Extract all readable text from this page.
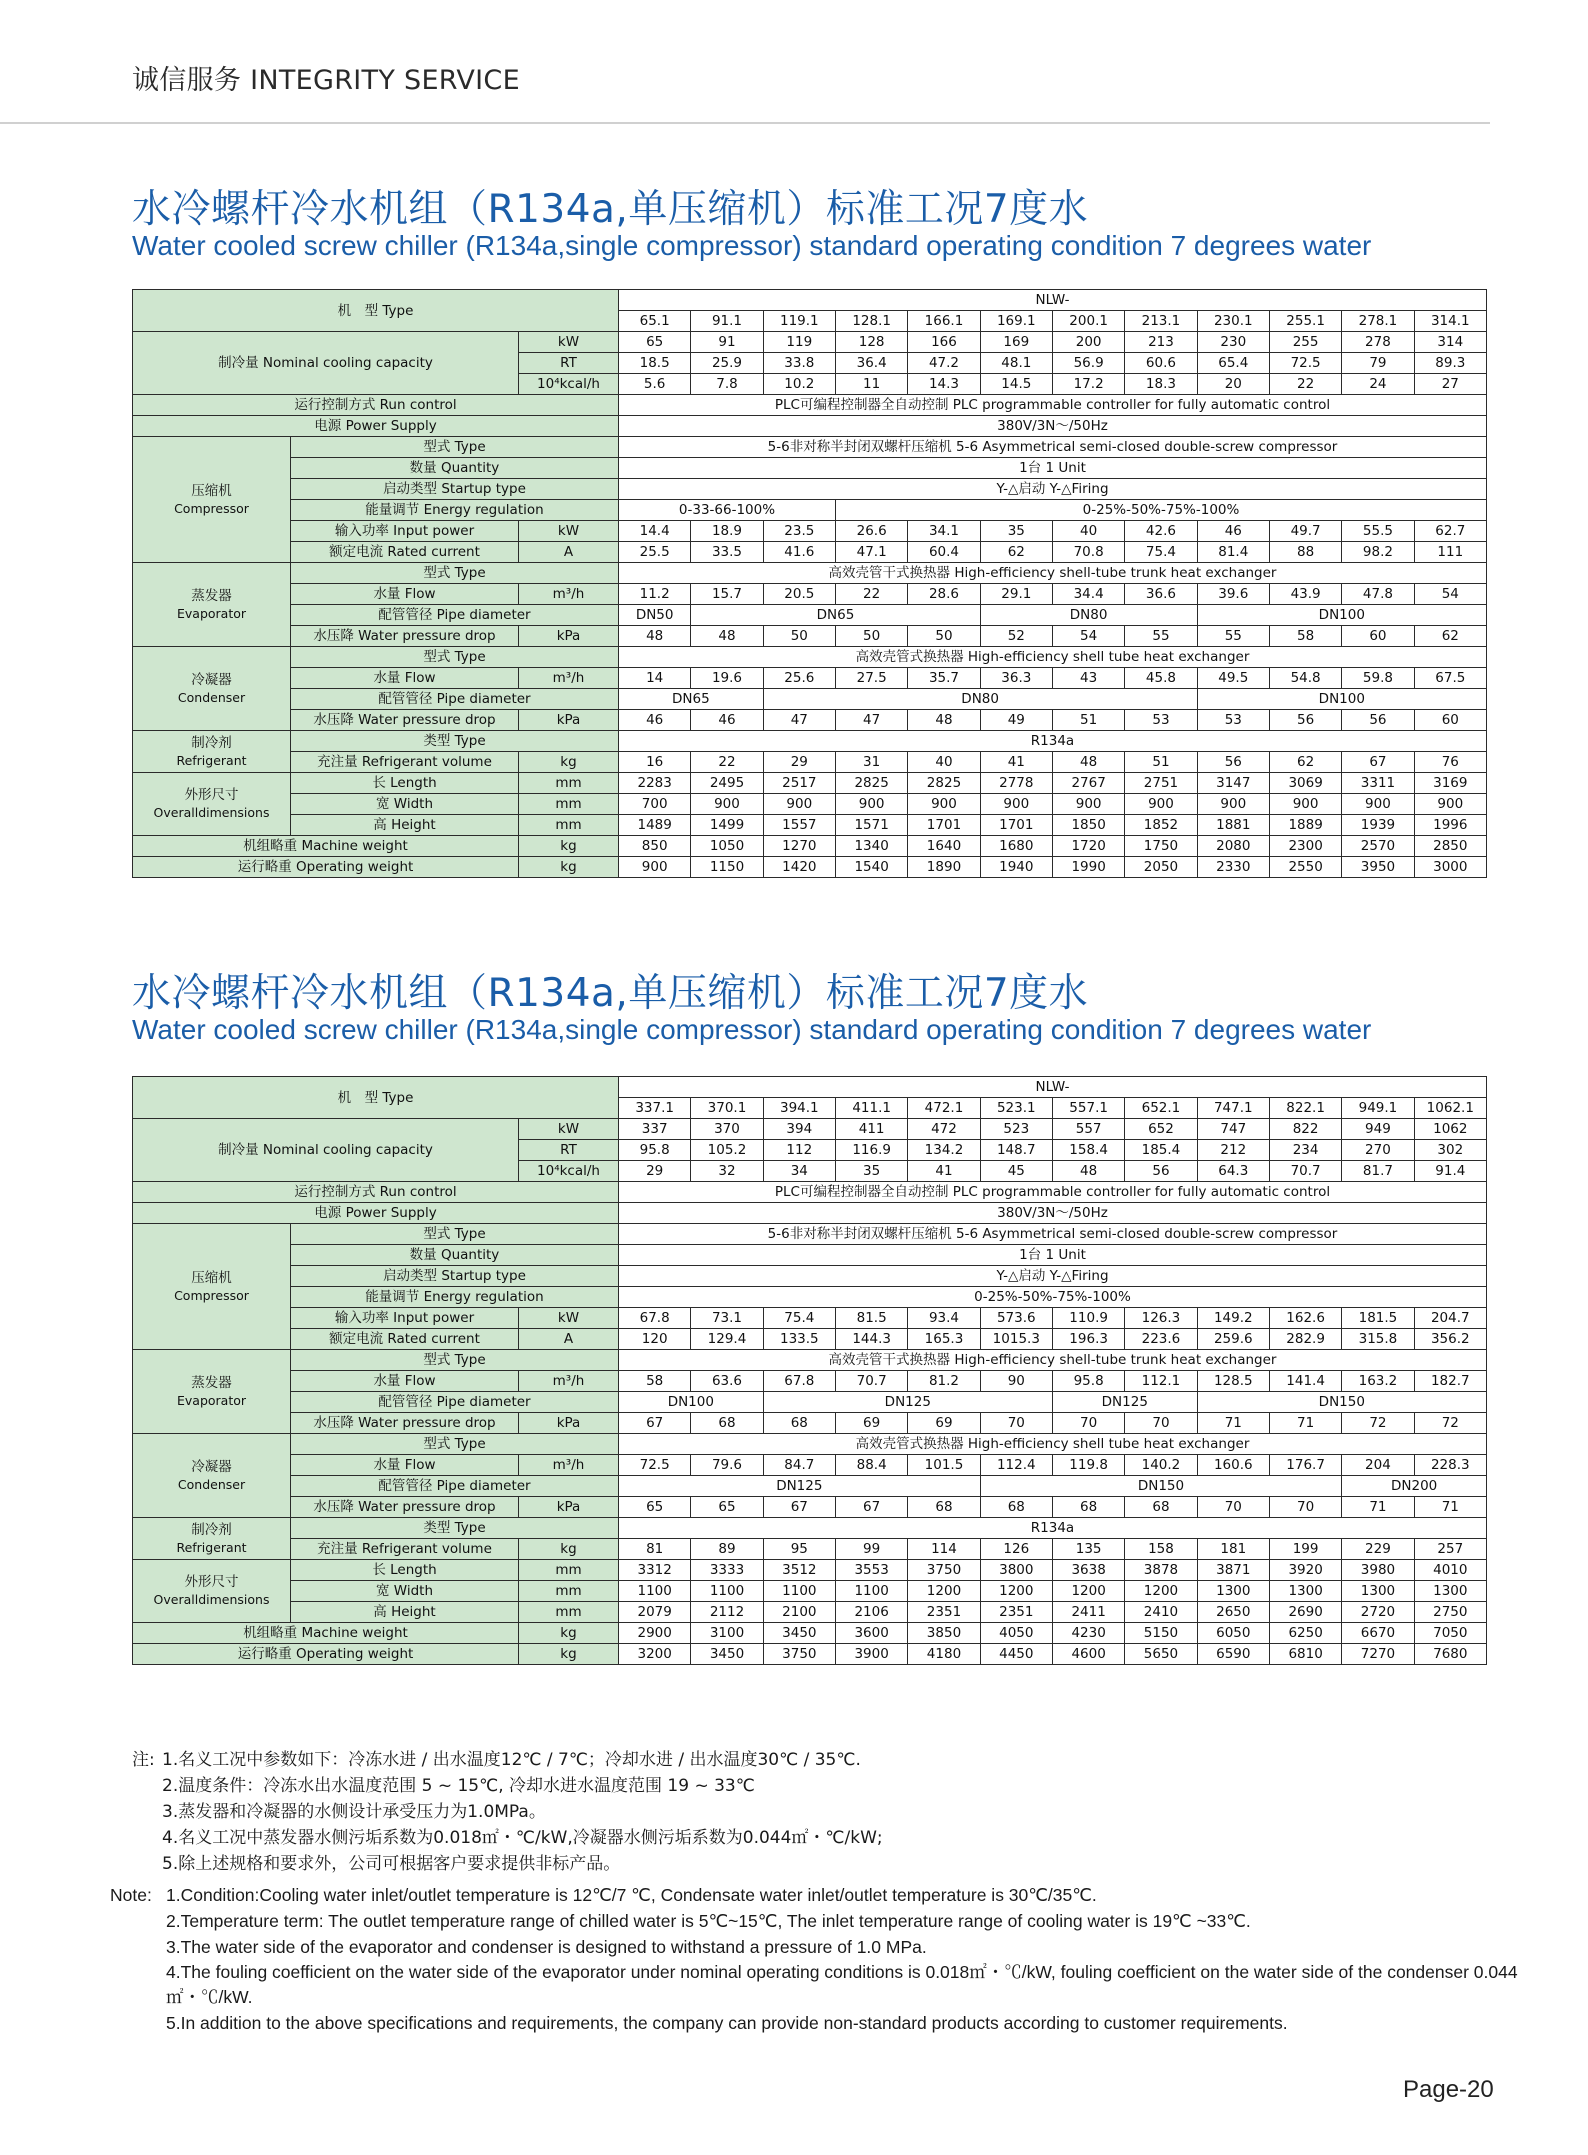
诚信服务 INTEGRITY SERVICE
水冷螺杆冷水机组（R134a,单压缩机）标准工况7度水
Water cooled screw chiller (R134a,single compressor) standard operating condition 7 degrees water
机　型 Type			NLW-											
			65.1	91.1	119.1	128.1	166.1	169.1	200.1	213.1	230.1	255.1	278.1	314.1
制冷量 Nominal cooling capacity		kW	65	91	119	128	166	169	200	213	230	255	278	314
		RT	18.5	25.9	33.8	36.4	47.2	48.1	56.9	60.6	65.4	72.5	79	89.3
		10⁴kcal/h	5.6	7.8	10.2	11	14.3	14.5	17.2	18.3	20	22	24	27
运行控制方式 Run control			PLC可编程控制器全自动控制 PLC programmable controller for fully automatic control											
电源 Power Supply			380V/3N～/50Hz											

压缩机
Compressor	型式 Type		5-6非对称半封闭双螺杆压缩机 5-6 Asymmetrical semi-closed double-screw compressor											
	数量 Quantity		1台 1 Unit											
	启动类型 Startup type		Y-△启动 Y-△Firing											
	能量调节 Energy regulation		0-33-66-100%			0-25%-50%-75%-100%								
	输入功率 Input power	kW	14.4	18.9	23.5	26.6	34.1	35	40	42.6	46	49.7	55.5	62.7
	额定电流 Rated current	A	25.5	33.5	41.6	47.1	60.4	62	70.8	75.4	81.4	88	98.2	111

蒸发器
Evaporator	型式 Type		高效壳管干式换热器 High-efficiency shell-tube trunk heat exchanger											
	水量 Flow	m³/h	11.2	15.7	20.5	22	28.6	29.1	34.4	36.6	39.6	43.9	47.8	54
	配管管径 Pipe diameter		DN50	DN65				DN80			DN100			
	水压降 Water pressure drop	kPa	48	48	50	50	50	52	54	55	55	58	60	62

冷凝器
Condenser	型式 Type		高效壳管式换热器 High-efficiency shell tube heat exchanger											
	水量 Flow	m³/h	14	19.6	25.6	27.5	35.7	36.3	43	45.8	49.5	54.8	59.8	67.5
	配管管径 Pipe diameter		DN65		DN80						DN100			
	水压降 Water pressure drop	kPa	46	46	47	47	48	49	51	53	53	56	56	60

制冷剂
Refrigerant	类型 Type		R134a											
	充注量 Refrigerant volume	kg	16	22	29	31	40	41	48	51	56	62	67	76

外形尺寸
Overalldimensions	长 Length	mm	2283	2495	2517	2825	2825	2778	2767	2751	3147	3069	3311	3169
	宽 Width	mm	700	900	900	900	900	900	900	900	900	900	900	900
	高 Height	mm	1489	1499	1557	1571	1701	1701	1850	1852	1881	1889	1939	1996
机组略重 Machine weight		kg	850	1050	1270	1340	1640	1680	1720	1750	2080	2300	2570	2850
运行略重 Operating weight		kg	900	1150	1420	1540	1890	1940	1990	2050	2330	2550	3950	3000
水冷螺杆冷水机组（R134a,单压缩机）标准工况7度水
Water cooled screw chiller (R134a,single compressor) standard operating condition 7 degrees water
机　型 Type			NLW-											
			337.1	370.1	394.1	411.1	472.1	523.1	557.1	652.1	747.1	822.1	949.1	1062.1
制冷量 Nominal cooling capacity		kW	337	370	394	411	472	523	557	652	747	822	949	1062
		RT	95.8	105.2	112	116.9	134.2	148.7	158.4	185.4	212	234	270	302
		10⁴kcal/h	29	32	34	35	41	45	48	56	64.3	70.7	81.7	91.4
运行控制方式 Run control			PLC可编程控制器全自动控制 PLC programmable controller for fully automatic control											
电源 Power Supply			380V/3N～/50Hz											

压缩机
Compressor	型式 Type		5-6非对称半封闭双螺杆压缩机 5-6 Asymmetrical semi-closed double-screw compressor											
	数量 Quantity		1台 1 Unit											
	启动类型 Startup type		Y-△启动 Y-△Firing											
	能量调节 Energy regulation		0-25%-50%-75%-100%											
	输入功率 Input power	kW	67.8	73.1	75.4	81.5	93.4	573.6	110.9	126.3	149.2	162.6	181.5	204.7
	额定电流 Rated current	A	120	129.4	133.5	144.3	165.3	1015.3	196.3	223.6	259.6	282.9	315.8	356.2

蒸发器
Evaporator	型式 Type		高效壳管干式换热器 High-efficiency shell-tube trunk heat exchanger											
	水量 Flow	m³/h	58	63.6	67.8	70.7	81.2	90	95.8	112.1	128.5	141.4	163.2	182.7
	配管管径 Pipe diameter		DN100		DN125				DN125		DN150			
	水压降 Water pressure drop	kPa	67	68	68	69	69	70	70	70	71	71	72	72

冷凝器
Condenser	型式 Type		高效壳管式换热器 High-efficiency shell tube heat exchanger											
	水量 Flow	m³/h	72.5	79.6	84.7	88.4	101.5	112.4	119.8	140.2	160.6	176.7	204	228.3
	配管管径 Pipe diameter		DN125					DN150					DN200	
	水压降 Water pressure drop	kPa	65	65	67	67	68	68	68	68	70	70	71	71

制冷剂
Refrigerant	类型 Type		R134a											
	充注量 Refrigerant volume	kg	81	89	95	99	114	126	135	158	181	199	229	257

外形尺寸
Overalldimensions	长 Length	mm	3312	3333	3512	3553	3750	3800	3638	3878	3871	3920	3980	4010
	宽 Width	mm	1100	1100	1100	1100	1200	1200	1200	1200	1300	1300	1300	1300
	高 Height	mm	2079	2112	2100	2106	2351	2351	2411	2410	2650	2690	2720	2750
机组略重 Machine weight		kg	2900	3100	3450	3600	3850	4050	4230	5150	6050	6250	6670	7050
运行略重 Operating weight		kg	3200	3450	3750	3900	4180	4450	4600	5650	6590	6810	7270	7680
注: 1.名义工况中参数如下：冷冻水进 / 出水温度12℃ / 7℃；冷却水进 / 出水温度30℃ / 35℃.
2.温度条件：冷冻水出水温度范围 5 ~ 15℃, 冷却水进水温度范围 19 ~ 33℃
3.蒸发器和冷凝器的水侧设计承受压力为1.0MPa。
4.名义工况中蒸发器水侧污垢系数为0.018㎡・℃/kW,冷凝器水侧污垢系数为0.044㎡・℃/kW;
5.除上述规格和要求外，公司可根据客户要求提供非标产品。
Note: 1.Condition:Cooling water inlet/outlet temperature is 12℃/7 ℃, Condensate water inlet/outlet temperature is 30℃/35℃.
2.Temperature term: The outlet temperature range of chilled water is 5℃~15℃, The inlet temperature range of cooling water is 19℃ ~33℃.
3.The water side of the evaporator and condenser is designed to withstand a pressure of 1.0 MPa.
4.The fouling coefficient on the water side of the evaporator under nominal operating conditions is 0.018㎡・℃/kW, fouling coefficient on the water side of the condenser 0.044㎡・℃/kW.
5.In addition to the above specifications and requirements, the company can provide non-standard products according to customer requirements.
Page-20
